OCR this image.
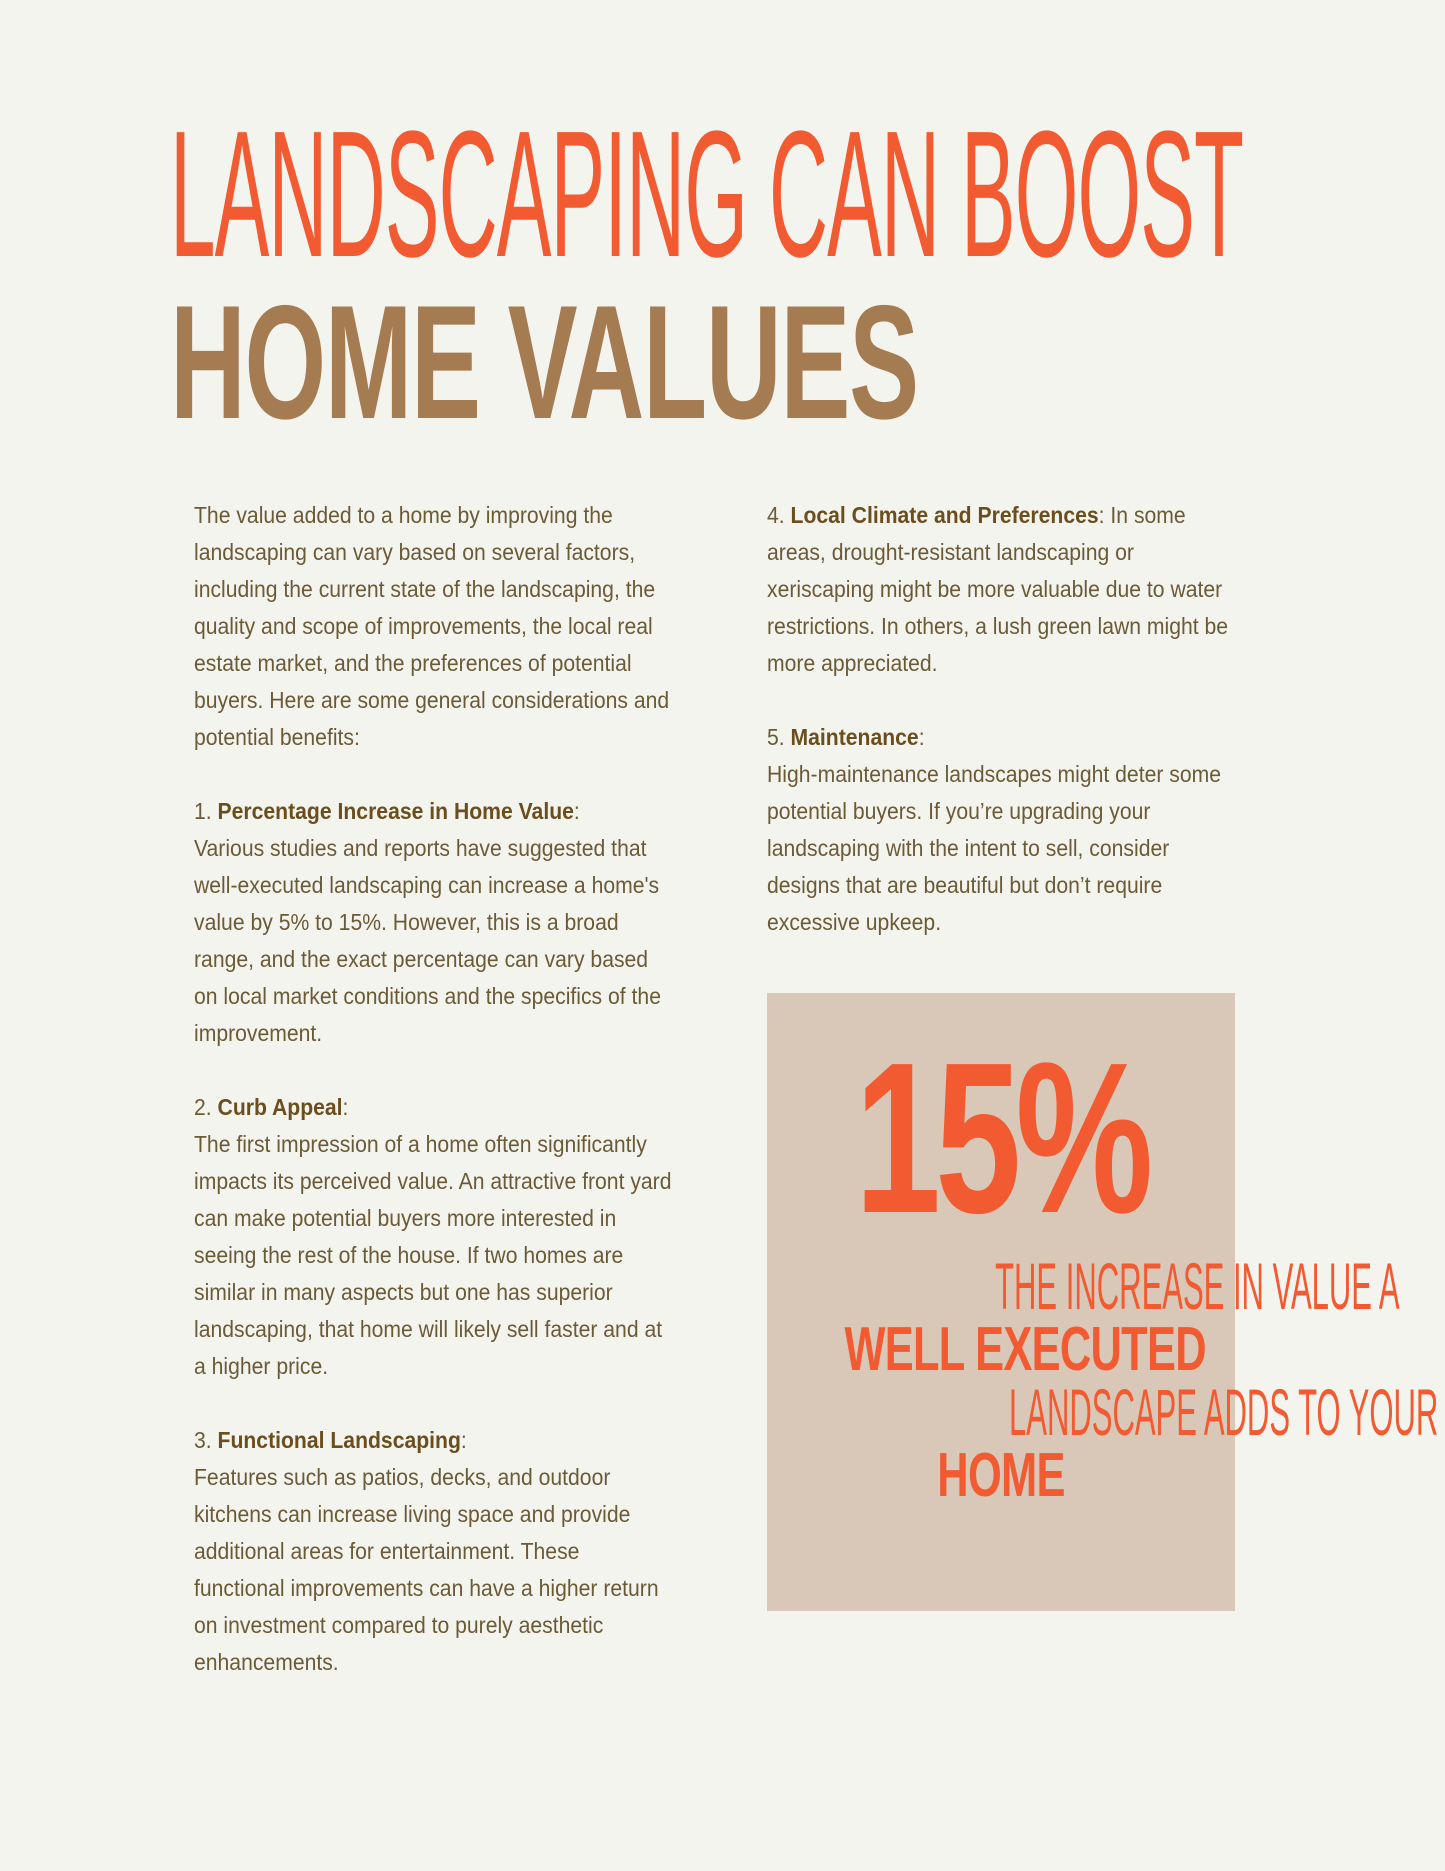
LANDSCAPING CAN BOOST
HOME VALUES

The value added to a home by improving the landscaping can vary based on several factors, including the current state of the landscaping, the quality and scope of improvements, the local real estate market, and the preferences of potential buyers. Here are some general considerations and potential benefits:

1. Percentage Increase in Home Value:
Various studies and reports have suggested that well-executed landscaping can increase a home's value by 5% to 15%. However, this is a broad range, and the exact percentage can vary based on local market conditions and the specifics of the improvement.

2. Curb Appeal:
The first impression of a home often significantly impacts its perceived value. An attractive front yard can make potential buyers more interested in seeing the rest of the house. If two homes are similar in many aspects but one has superior landscaping, that home will likely sell faster and at a higher price.

3. Functional Landscaping:
Features such as patios, decks, and outdoor kitchens can increase living space and provide additional areas for entertainment. These functional improvements can have a higher return on investment compared to purely aesthetic enhancements.

4. Local Climate and Preferences: In some areas, drought-resistant landscaping or xeriscaping might be more valuable due to water restrictions. In others, a lush green lawn might be more appreciated.

5. Maintenance:
High-maintenance landscapes might deter some potential buyers. If you’re upgrading your landscaping with the intent to sell, consider designs that are beautiful but don’t require excessive upkeep.

15%
THE INCREASE IN VALUE A
WELL EXECUTED
LANDSCAPE ADDS TO YOUR
HOME
